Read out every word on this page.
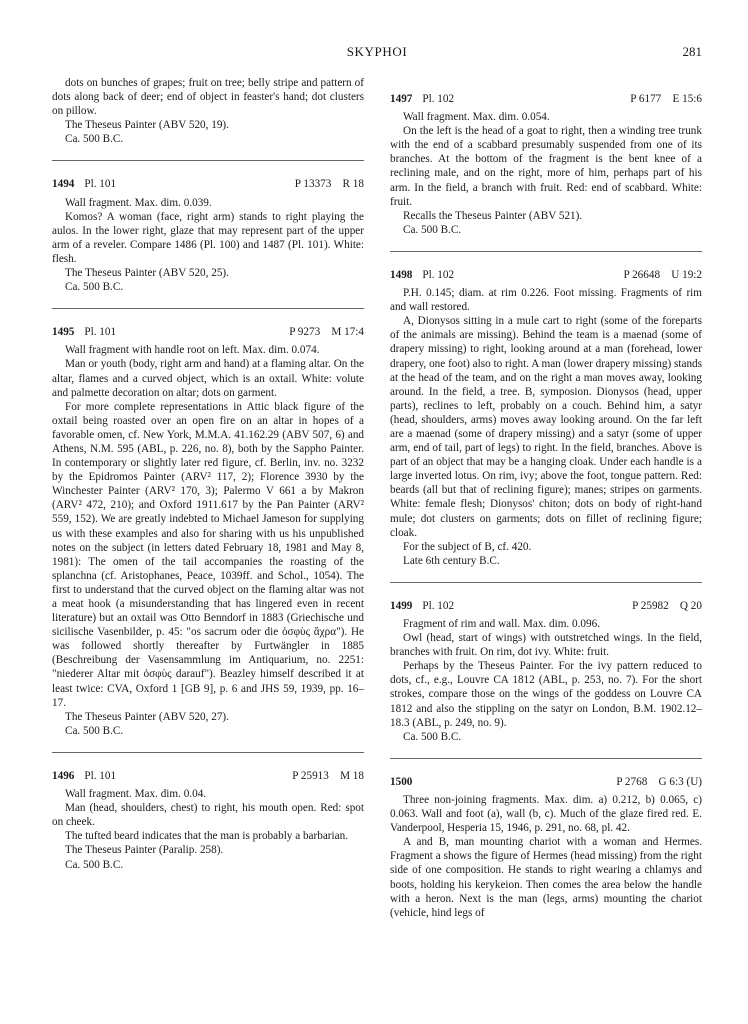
SKYPHOI	281

dots on bunches of grapes; fruit on tree; belly stripe and pattern of dots along back of deer; end of object in feaster's hand; dot clusters on pillow.

The Theseus Painter (ABV 520, 19).

Ca. 500 B.C.

1494 Pl. 101	P 13373  R 18

Wall fragment. Max. dim. 0.039.

Komos? A woman (face, right arm) stands to right playing the aulos. In the lower right, glaze that may represent part of the upper arm of a reveler. Compare 1486 (Pl. 100) and 1487 (Pl. 101). White: flesh.

The Theseus Painter (ABV 520, 25).

Ca. 500 B.C.

1495 Pl. 101	P 9273  M 17:4

Wall fragment with handle root on left. Max. dim. 0.074.

Man or youth (body, right arm and hand) at a flaming altar. On the altar, flames and a curved object, which is an oxtail. White: volute and palmette decoration on altar; dots on garment.

For more complete representations in Attic black figure of the oxtail being roasted over an open fire on an altar in hopes of a favorable omen, cf. New York, M.M.A. 41.162.29 (ABV 507, 6) and Athens, N.M. 595 (ABL, p. 226, no. 8), both by the Sappho Painter. In contemporary or slightly later red figure, cf. Berlin, inv. no. 3232 by the Epidromos Painter (ARV² 117, 2); Florence 3930 by the Winchester Painter (ARV² 170, 3); Palermo V 661 a by Makron (ARV² 472, 210); and Oxford 1911.617 by the Pan Painter (ARV² 559, 152). We are greatly indebted to Michael Jameson for supplying us with these examples and also for sharing with us his unpublished notes on the subject (in letters dated February 18, 1981 and May 8, 1981): The omen of the tail accompanies the roasting of the splanchna (cf. Aristophanes, Peace, 1039ff. and Schol., 1054). The first to understand that the curved object on the flaming altar was not a meat hook (a misunderstanding that has lingered even in recent literature) but an oxtail was Otto Benndorf in 1883 (Griechische und sicilische Vasenbilder, p. 45: "os sacrum oder die ὀσφὺς ἄχρα"). He was followed shortly thereafter by Furtwängler in 1885 (Beschreibung der Vasensammlung im Antiquarium, no. 2251: "niederer Altar mit ὀσφὺς darauf"). Beazley himself described it at least twice: CVA, Oxford 1 [GB 9], p. 6 and JHS 59, 1939, pp. 16–17.

The Theseus Painter (ABV 520, 27).

Ca. 500 B.C.

1496 Pl. 101	P 25913  M 18

Wall fragment. Max. dim. 0.04.

Man (head, shoulders, chest) to right, his mouth open. Red: spot on cheek.

The tufted beard indicates that the man is probably a barbarian.

The Theseus Painter (Paralip. 258).

Ca. 500 B.C.

1497 Pl. 102	P 6177  E 15:6

Wall fragment. Max. dim. 0.054.

On the left is the head of a goat to right, then a winding tree trunk with the end of a scabbard presumably suspended from one of its branches. At the bottom of the fragment is the bent knee of a reclining male, and on the right, more of him, perhaps part of his arm. In the field, a branch with fruit. Red: end of scabbard. White: fruit.

Recalls the Theseus Painter (ABV 521).

Ca. 500 B.C.

1498 Pl. 102	P 26648  U 19:2

P.H. 0.145; diam. at rim 0.226. Foot missing. Fragments of rim and wall restored.

A, Dionysos sitting in a mule cart to right (some of the foreparts of the animals are missing). Behind the team is a maenad (some of drapery missing) to right, looking around at a man (forehead, lower drapery, one foot) also to right. A man (lower drapery missing) stands at the head of the team, and on the right a man moves away, looking around. In the field, a tree. B, symposion. Dionysos (head, upper parts), reclines to left, probably on a couch. Behind him, a satyr (head, shoulders, arms) moves away looking around. On the far left are a maenad (some of drapery missing) and a satyr (some of upper arm, end of tail, part of legs) to right. In the field, branches. Above is part of an object that may be a hanging cloak. Under each handle is a large inverted lotus. On rim, ivy; above the foot, tongue pattern. Red: beards (all but that of reclining figure); manes; stripes on garments. White: female flesh; Dionysos' chiton; dots on body of right-hand mule; dot clusters on garments; dots on fillet of reclining figure; cloak.

For the subject of B, cf. 420.

Late 6th century B.C.

1499 Pl. 102	P 25982  Q 20

Fragment of rim and wall. Max. dim. 0.096.

Owl (head, start of wings) with outstretched wings. In the field, branches with fruit. On rim, dot ivy. White: fruit.

Perhaps by the Theseus Painter. For the ivy pattern reduced to dots, cf., e.g., Louvre CA 1812 (ABL, p. 253, no. 7). For the short strokes, compare those on the wings of the goddess on Louvre CA 1812 and also the stippling on the satyr on London, B.M. 1902.12–18.3 (ABL, p. 249, no. 9).

Ca. 500 B.C.

1500	P 2768  G 6:3 (U)

Three non-joining fragments. Max. dim. a) 0.212, b) 0.065, c) 0.063. Wall and foot (a), wall (b, c). Much of the glaze fired red. E. Vanderpool, Hesperia 15, 1946, p. 291, no. 68, pl. 42.

A and B, man mounting chariot with a woman and Hermes. Fragment a shows the figure of Hermes (head missing) from the right side of one composition. He stands to right wearing a chlamys and boots, holding his kerykeion. Then comes the area below the handle with a heron. Next is the man (legs, arms) mounting the chariot (vehicle, hind legs of
